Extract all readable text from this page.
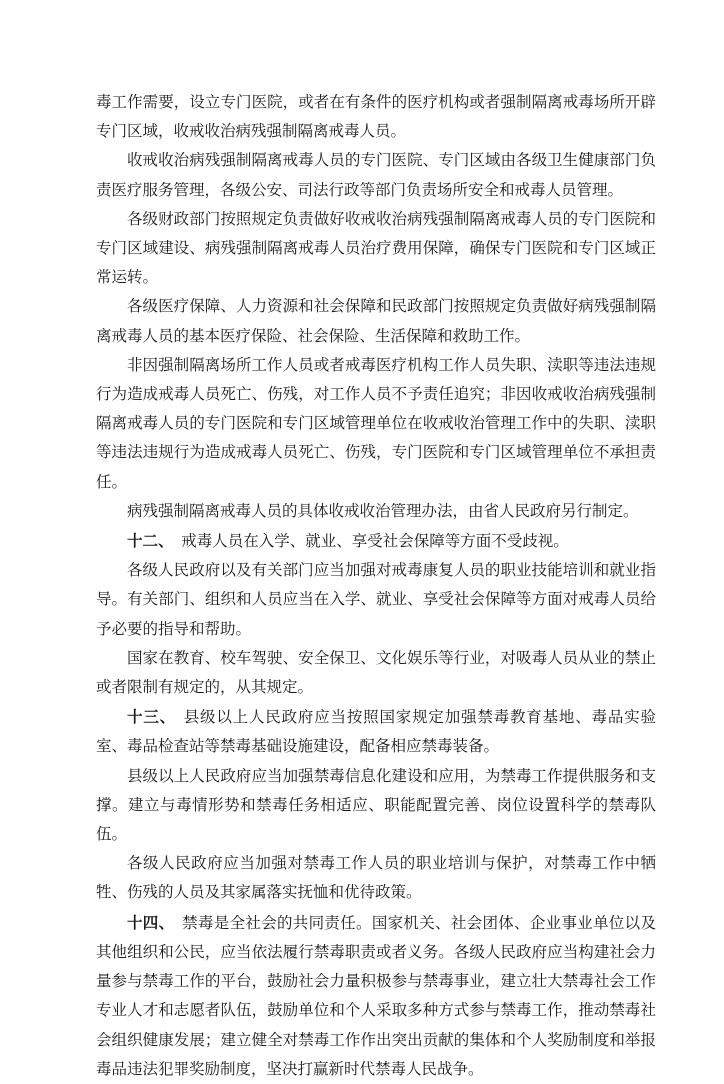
毒工作需要，设立专门医院，或者在有条件的医疗机构或者强制隔离戒毒场所开辟专门区域，收戒收治病残强制隔离戒毒人员。

收戒收治病残强制隔离戒毒人员的专门医院、专门区域由各级卫生健康部门负责医疗服务管理，各级公安、司法行政等部门负责场所安全和戒毒人员管理。

各级财政部门按照规定负责做好收戒收治病残强制隔离戒毒人员的专门医院和专门区域建设、病残强制隔离戒毒人员治疗费用保障，确保专门医院和专门区域正常运转。

各级医疗保障、人力资源和社会保障和民政部门按照规定负责做好病残强制隔离戒毒人员的基本医疗保险、社会保险、生活保障和救助工作。

非因强制隔离场所工作人员或者戒毒医疗机构工作人员失职、渎职等违法违规行为造成戒毒人员死亡、伤残，对工作人员不予责任追究；非因收戒收治病残强制隔离戒毒人员的专门医院和专门区域管理单位在收戒收治管理工作中的失职、渎职等违法违规行为造成戒毒人员死亡、伤残，专门医院和专门区域管理单位不承担责任。

病残强制隔离戒毒人员的具体收戒收治管理办法，由省人民政府另行制定。

十二、 戒毒人员在入学、就业、享受社会保障等方面不受歧视。

各级人民政府以及有关部门应当加强对戒毒康复人员的职业技能培训和就业指导。有关部门、组织和人员应当在入学、就业、享受社会保障等方面对戒毒人员给予必要的指导和帮助。

国家在教育、校车驾驶、安全保卫、文化娱乐等行业，对吸毒人员从业的禁止或者限制有规定的，从其规定。

十三、 县级以上人民政府应当按照国家规定加强禁毒教育基地、毒品实验室、毒品检查站等禁毒基础设施建设，配备相应禁毒装备。

县级以上人民政府应当加强禁毒信息化建设和应用，为禁毒工作提供服务和支撑。建立与毒情形势和禁毒任务相适应、职能配置完善、岗位设置科学的禁毒队伍。

各级人民政府应当加强对禁毒工作人员的职业培训与保护，对禁毒工作中牺牲、伤残的人员及其家属落实抚恤和优待政策。

十四、 禁毒是全社会的共同责任。国家机关、社会团体、企业事业单位以及其他组织和公民，应当依法履行禁毒职责或者义务。各级人民政府应当构建社会力量参与禁毒工作的平台，鼓励社会力量积极参与禁毒事业，建立壮大禁毒社会工作专业人才和志愿者队伍，鼓励单位和个人采取多种方式参与禁毒工作，推动禁毒社会组织健康发展；建立健全对禁毒工作作出突出贡献的集体和个人奖励制度和举报毒品违法犯罪奖励制度，坚决打赢新时代禁毒人民战争。
